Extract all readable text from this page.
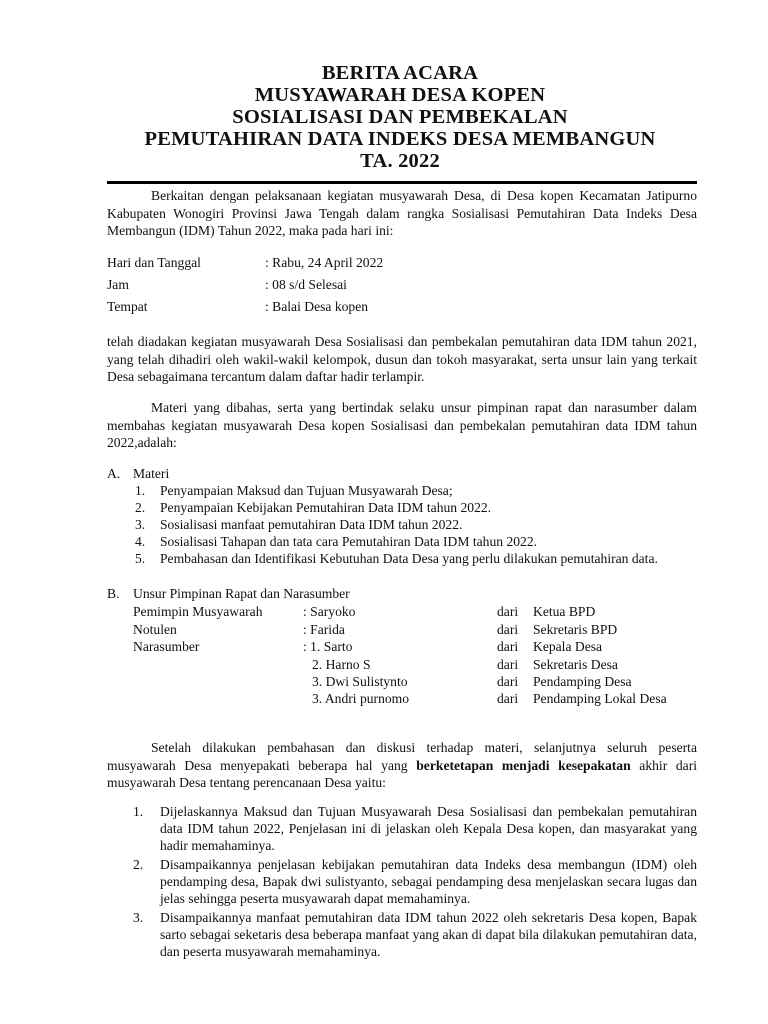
BERITA ACARA
MUSYAWARAH DESA KOPEN
SOSIALISASI DAN PEMBEKALAN
PEMUTAHIRAN DATA INDEKS DESA MEMBANGUN
TA. 2022
Berkaitan dengan pelaksanaan kegiatan musyawarah Desa, di Desa kopen Kecamatan Jatipurno Kabupaten Wonogiri Provinsi Jawa Tengah dalam rangka Sosialisasi Pemutahiran Data Indeks Desa Membangun (IDM) Tahun 2022, maka pada hari ini:
Hari dan Tanggal	: Rabu, 24 April 2022
Jam	: 08 s/d Selesai
Tempat	: Balai Desa kopen
telah diadakan kegiatan musyawarah Desa Sosialisasi dan pembekalan pemutahiran data IDM tahun 2021, yang telah dihadiri oleh wakil-wakil kelompok, dusun dan tokoh masyarakat, serta unsur lain yang terkait Desa sebagaimana tercantum dalam daftar hadir terlampir.
Materi yang dibahas, serta yang bertindak selaku unsur pimpinan rapat dan narasumber dalam membahas kegiatan musyawarah Desa kopen Sosialisasi dan pembekalan pemutahiran data IDM tahun 2022,adalah:
A. Materi
1. Penyampaian Maksud dan Tujuan Musyawarah Desa;
2. Penyampaian Kebijakan Pemutahiran Data IDM tahun 2022.
3. Sosialisasi manfaat pemutahiran Data IDM tahun 2022.
4. Sosialisasi Tahapan dan tata cara Pemutahiran Data IDM tahun 2022.
5. Pembahasan dan Identifikasi Kebutuhan Data Desa yang perlu dilakukan pemutahiran data.
B. Unsur Pimpinan Rapat dan Narasumber
Pemimpin Musyawarah	: Saryoko	dari Ketua BPD
Notulen	: Farida	dari Sekretaris BPD
Narasumber	: 1. Sarto	dari Kepala Desa
2. Harno S	dari Sekretaris Desa
3. Dwi Sulistynto	dari Pendamping Desa
3. Andri purnomo	dari Pendamping Lokal Desa
Setelah dilakukan pembahasan dan diskusi terhadap materi, selanjutnya seluruh peserta musyawarah Desa menyepakati beberapa hal yang berketetapan menjadi kesepakatan akhir dari musyawarah Desa tentang perencanaan Desa yaitu:
1. Dijelaskannya Maksud dan Tujuan Musyawarah Desa Sosialisasi dan pembekalan pemutahiran data IDM tahun 2022, Penjelasan ini di jelaskan oleh Kepala Desa kopen, dan masyarakat yang hadir memahaminya.
2. Disampaikannya penjelasan kebijakan pemutahiran data Indeks desa membangun (IDM) oleh pendamping desa, Bapak dwi sulistyanto, sebagai pendamping desa menjelaskan secara lugas dan jelas sehingga peserta musyawarah dapat memahaminya.
3. Disampaikannya manfaat pemutahiran data IDM tahun 2022 oleh sekretaris Desa kopen, Bapak sarto sebagai seketaris desa beberapa manfaat yang akan di dapat bila dilakukan pemutahiran data, dan peserta musyawarah memahaminya.
